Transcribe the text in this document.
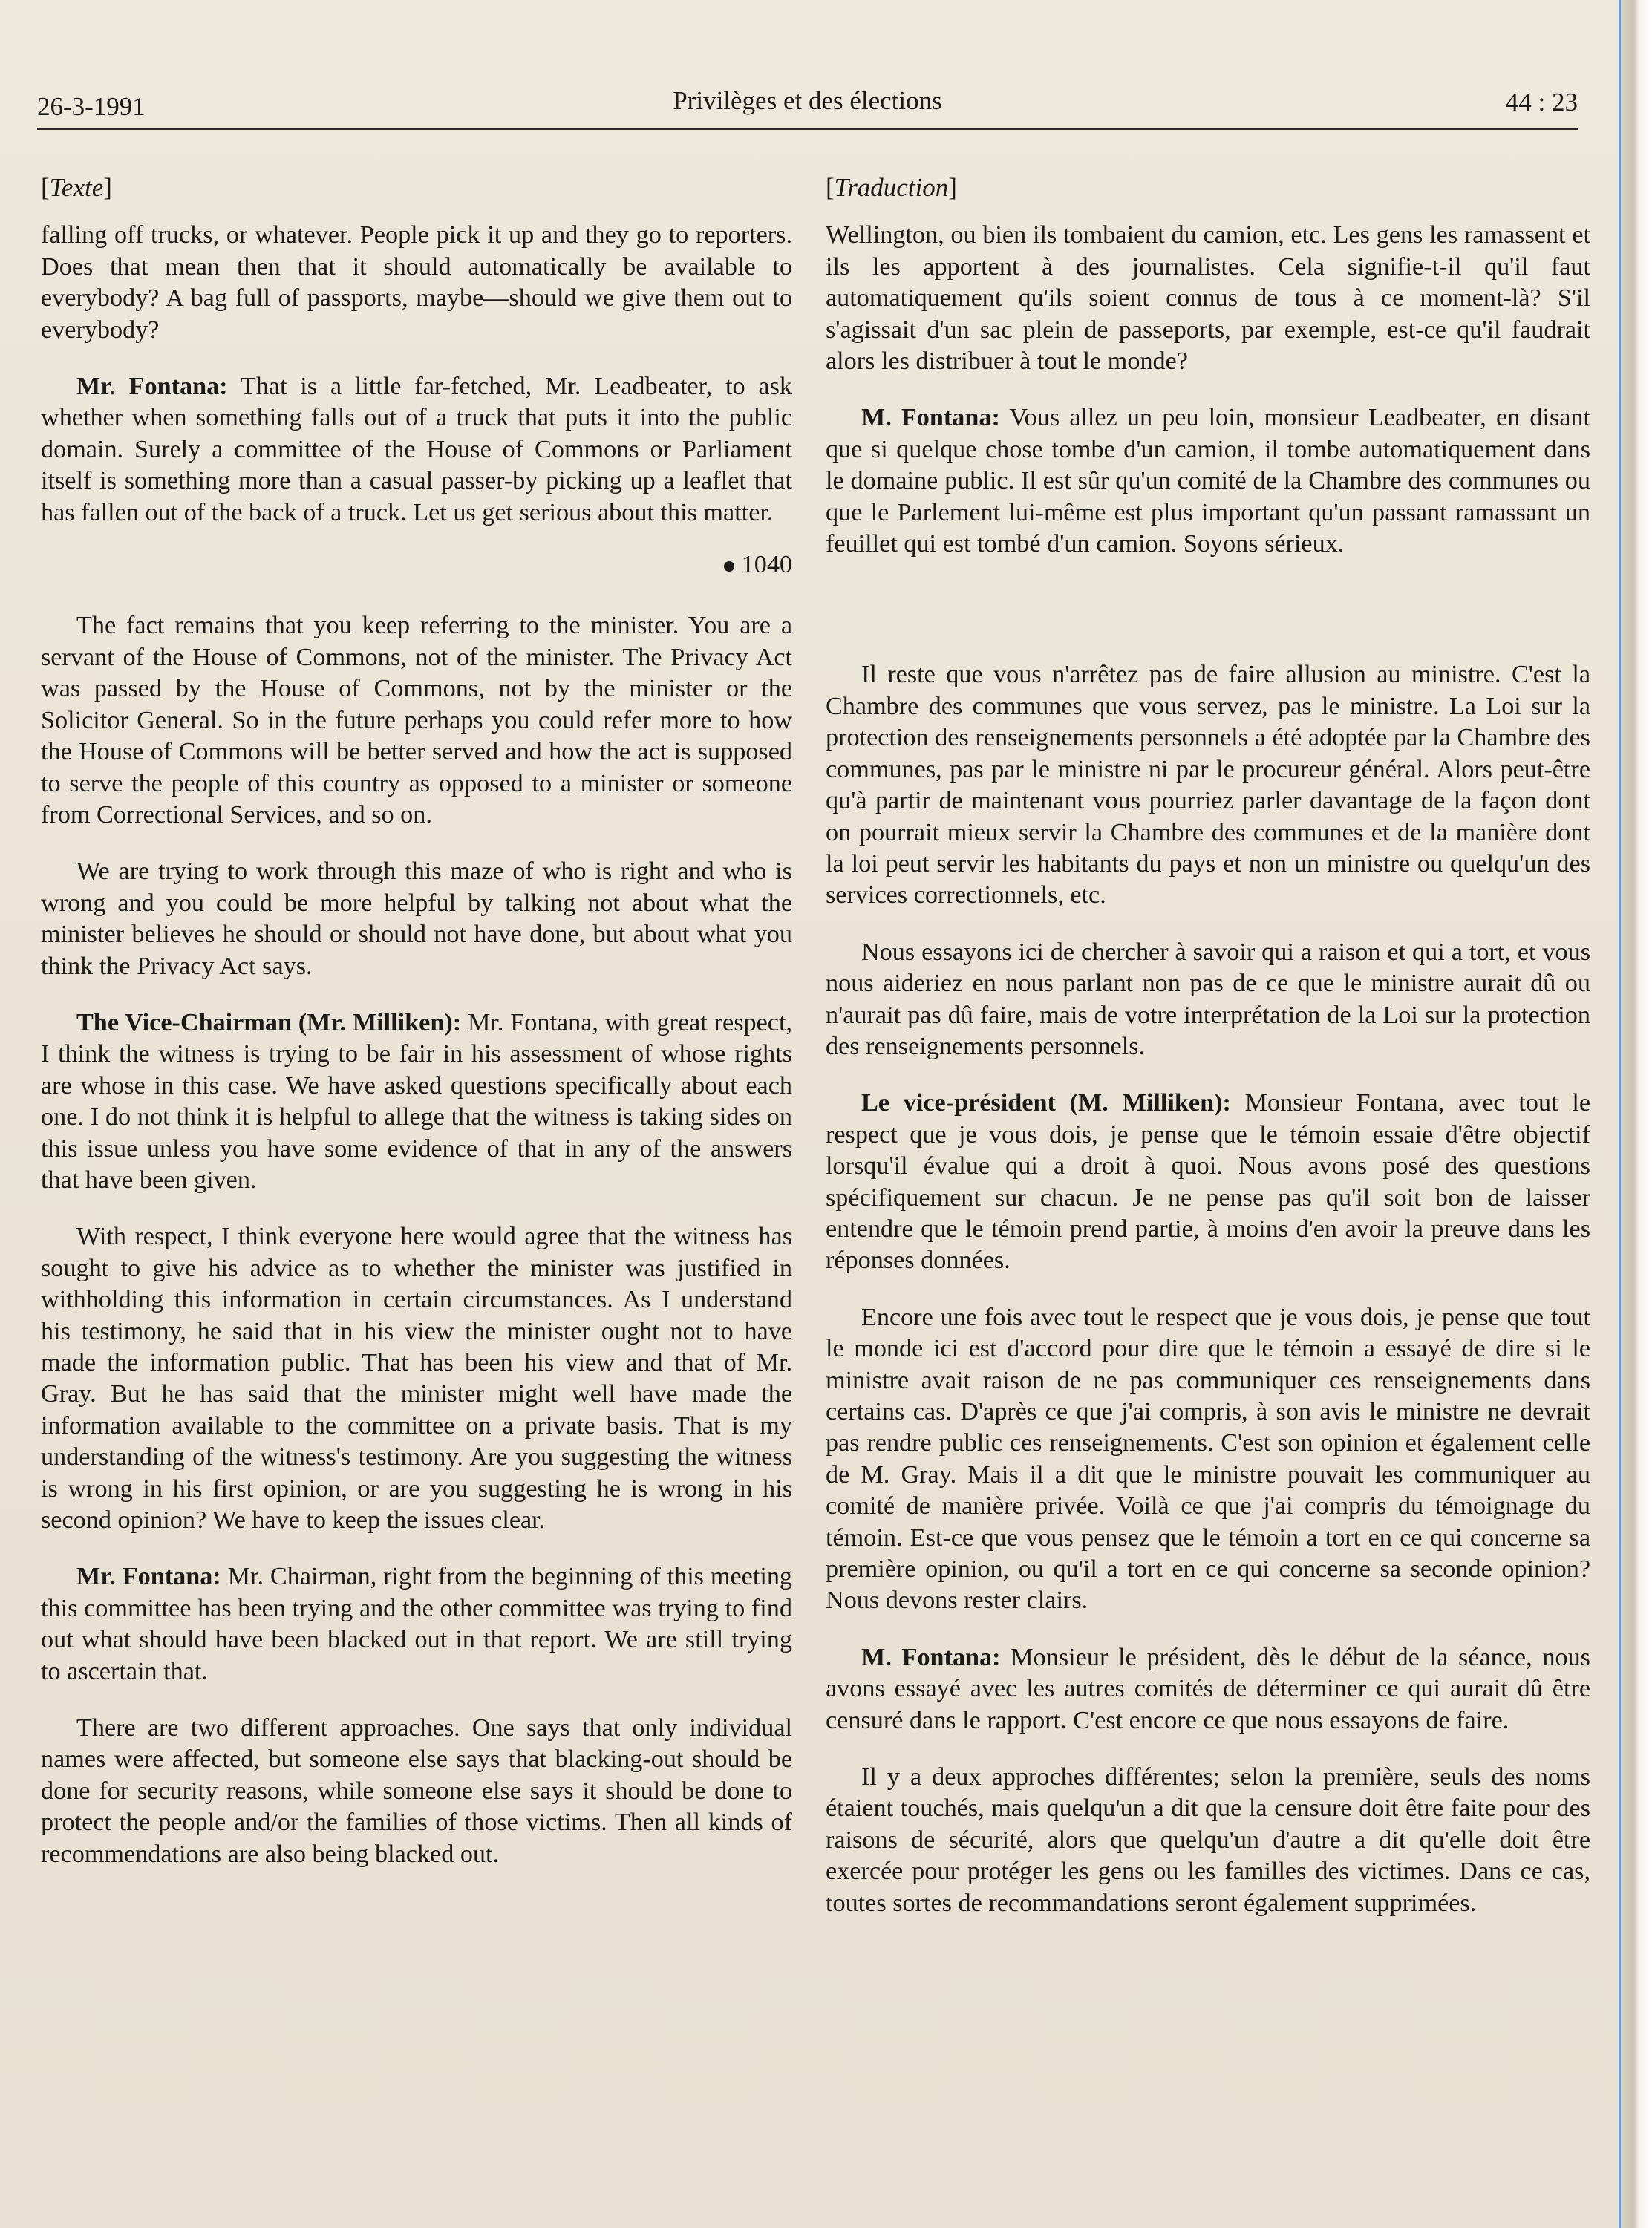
26-3-1991	Privilèges et des élections	44 : 23
[Texte]

falling off trucks, or whatever. People pick it up and they go to reporters. Does that mean then that it should automatically be available to everybody? A bag full of passports, maybe—should we give them out to everybody?

Mr. Fontana: That is a little far-fetched, Mr. Leadbeater, to ask whether when something falls out of a truck that puts it into the public domain. Surely a committee of the House of Commons or Parliament itself is something more than a casual passer-by picking up a leaflet that has fallen out of the back of a truck. Let us get serious about this matter.

1040

The fact remains that you keep referring to the minister. You are a servant of the House of Commons, not of the minister. The Privacy Act was passed by the House of Commons, not by the minister or the Solicitor General. So in the future perhaps you could refer more to how the House of Commons will be better served and how the act is supposed to serve the people of this country as opposed to a minister or someone from Correctional Services, and so on.

We are trying to work through this maze of who is right and who is wrong and you could be more helpful by talking not about what the minister believes he should or should not have done, but about what you think the Privacy Act says.

The Vice-Chairman (Mr. Milliken): Mr. Fontana, with great respect, I think the witness is trying to be fair in his assessment of whose rights are whose in this case. We have asked questions specifically about each one. I do not think it is helpful to allege that the witness is taking sides on this issue unless you have some evidence of that in any of the answers that have been given.

With respect, I think everyone here would agree that the witness has sought to give his advice as to whether the minister was justified in withholding this information in certain circumstances. As I understand his testimony, he said that in his view the minister ought not to have made the information public. That has been his view and that of Mr. Gray. But he has said that the minister might well have made the information available to the committee on a private basis. That is my understanding of the witness's testimony. Are you suggesting the witness is wrong in his first opinion, or are you suggesting he is wrong in his second opinion? We have to keep the issues clear.

Mr. Fontana: Mr. Chairman, right from the beginning of this meeting this committee has been trying and the other committee was trying to find out what should have been blacked out in that report. We are still trying to ascertain that.

There are two different approaches. One says that only individual names were affected, but someone else says that blacking-out should be done for security reasons, while someone else says it should be done to protect the people and/or the families of those victims. Then all kinds of recommendations are also being blacked out.

[Traduction]

Wellington, ou bien ils tombaient du camion, etc. Les gens les ramassent et ils les apportent à des journalistes. Cela signifie-t-il qu'il faut automatiquement qu'ils soient connus de tous à ce moment-là? S'il s'agissait d'un sac plein de passeports, par exemple, est-ce qu'il faudrait alors les distribuer à tout le monde?

M. Fontana: Vous allez un peu loin, monsieur Leadbeater, en disant que si quelque chose tombe d'un camion, il tombe automatiquement dans le domaine public. Il est sûr qu'un comité de la Chambre des communes ou que le Parlement lui-même est plus important qu'un passant ramassant un feuillet qui est tombé d'un camion. Soyons sérieux.

Il reste que vous n'arrêtez pas de faire allusion au ministre. C'est la Chambre des communes que vous servez, pas le ministre. La Loi sur la protection des renseignements personnels a été adoptée par la Chambre des communes, pas par le ministre ni par le procureur général. Alors peut-être qu'à partir de maintenant vous pourriez parler davantage de la façon dont on pourrait mieux servir la Chambre des communes et de la manière dont la loi peut servir les habitants du pays et non un ministre ou quelqu'un des services correctionnels, etc.

Nous essayons ici de chercher à savoir qui a raison et qui a tort, et vous nous aideriez en nous parlant non pas de ce que le ministre aurait dû ou n'aurait pas dû faire, mais de votre interprétation de la Loi sur la protection des renseignements personnels.

Le vice-président (M. Milliken): Monsieur Fontana, avec tout le respect que je vous dois, je pense que le témoin essaie d'être objectif lorsqu'il évalue qui a droit à quoi. Nous avons posé des questions spécifiquement sur chacun. Je ne pense pas qu'il soit bon de laisser entendre que le témoin prend partie, à moins d'en avoir la preuve dans les réponses données.

Encore une fois avec tout le respect que je vous dois, je pense que tout le monde ici est d'accord pour dire que le témoin a essayé de dire si le ministre avait raison de ne pas communiquer ces renseignements dans certains cas. D'après ce que j'ai compris, à son avis le ministre ne devrait pas rendre public ces renseignements. C'est son opinion et également celle de M. Gray. Mais il a dit que le ministre pouvait les communiquer au comité de manière privée. Voilà ce que j'ai compris du témoignage du témoin. Est-ce que vous pensez que le témoin a tort en ce qui concerne sa première opinion, ou qu'il a tort en ce qui concerne sa seconde opinion? Nous devons rester clairs.

M. Fontana: Monsieur le président, dès le début de la séance, nous avons essayé avec les autres comités de déterminer ce qui aurait dû être censuré dans le rapport. C'est encore ce que nous essayons de faire.

Il y a deux approches différentes; selon la première, seuls des noms étaient touchés, mais quelqu'un a dit que la censure doit être faite pour des raisons de sécurité, alors que quelqu'un d'autre a dit qu'elle doit être exercée pour protéger les gens ou les familles des victimes. Dans ce cas, toutes sortes de recommandations seront également supprimées.
